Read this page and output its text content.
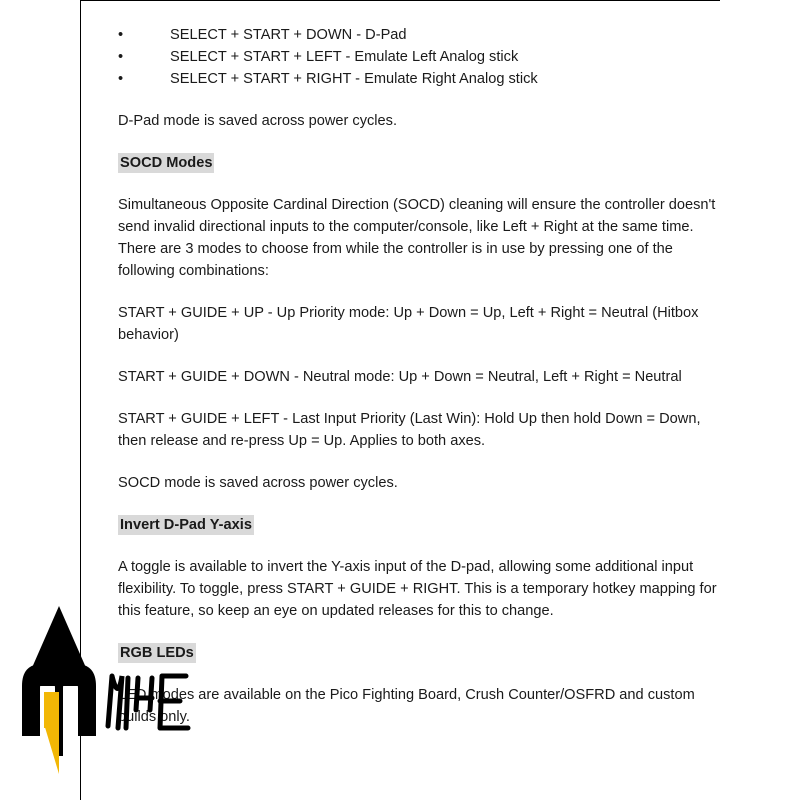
• SELECT + START + DOWN - D-Pad
• SELECT + START + LEFT - Emulate Left Analog stick
• SELECT + START + RIGHT - Emulate Right Analog stick

D-Pad mode is saved across power cycles.

SOCD Modes

Simultaneous Opposite Cardinal Direction (SOCD) cleaning will ensure the controller doesn't send invalid directional inputs to the computer/console, like Left + Right at the same time. There are 3 modes to choose from while the controller is in use by pressing one of the following combinations:

START + GUIDE + UP - Up Priority mode: Up + Down = Up, Left + Right = Neutral (Hitbox behavior)

START + GUIDE + DOWN - Neutral mode: Up + Down = Neutral, Left + Right = Neutral

START + GUIDE + LEFT - Last Input Priority (Last Win): Hold Up then hold Down = Down, then release and re-press Up = Up. Applies to both axes.

SOCD mode is saved across power cycles.

Invert D-Pad Y-axis

A toggle is available to invert the Y-axis input of the D-pad, allowing some additional input flexibility. To toggle, press START + GUIDE + RIGHT. This is a temporary hotkey mapping for this feature, so keep an eye on updated releases for this to change.

RGB LEDs

LED modes are available on the Pico Fighting Board, Crush Counter/OSFRD and custom builds only.
